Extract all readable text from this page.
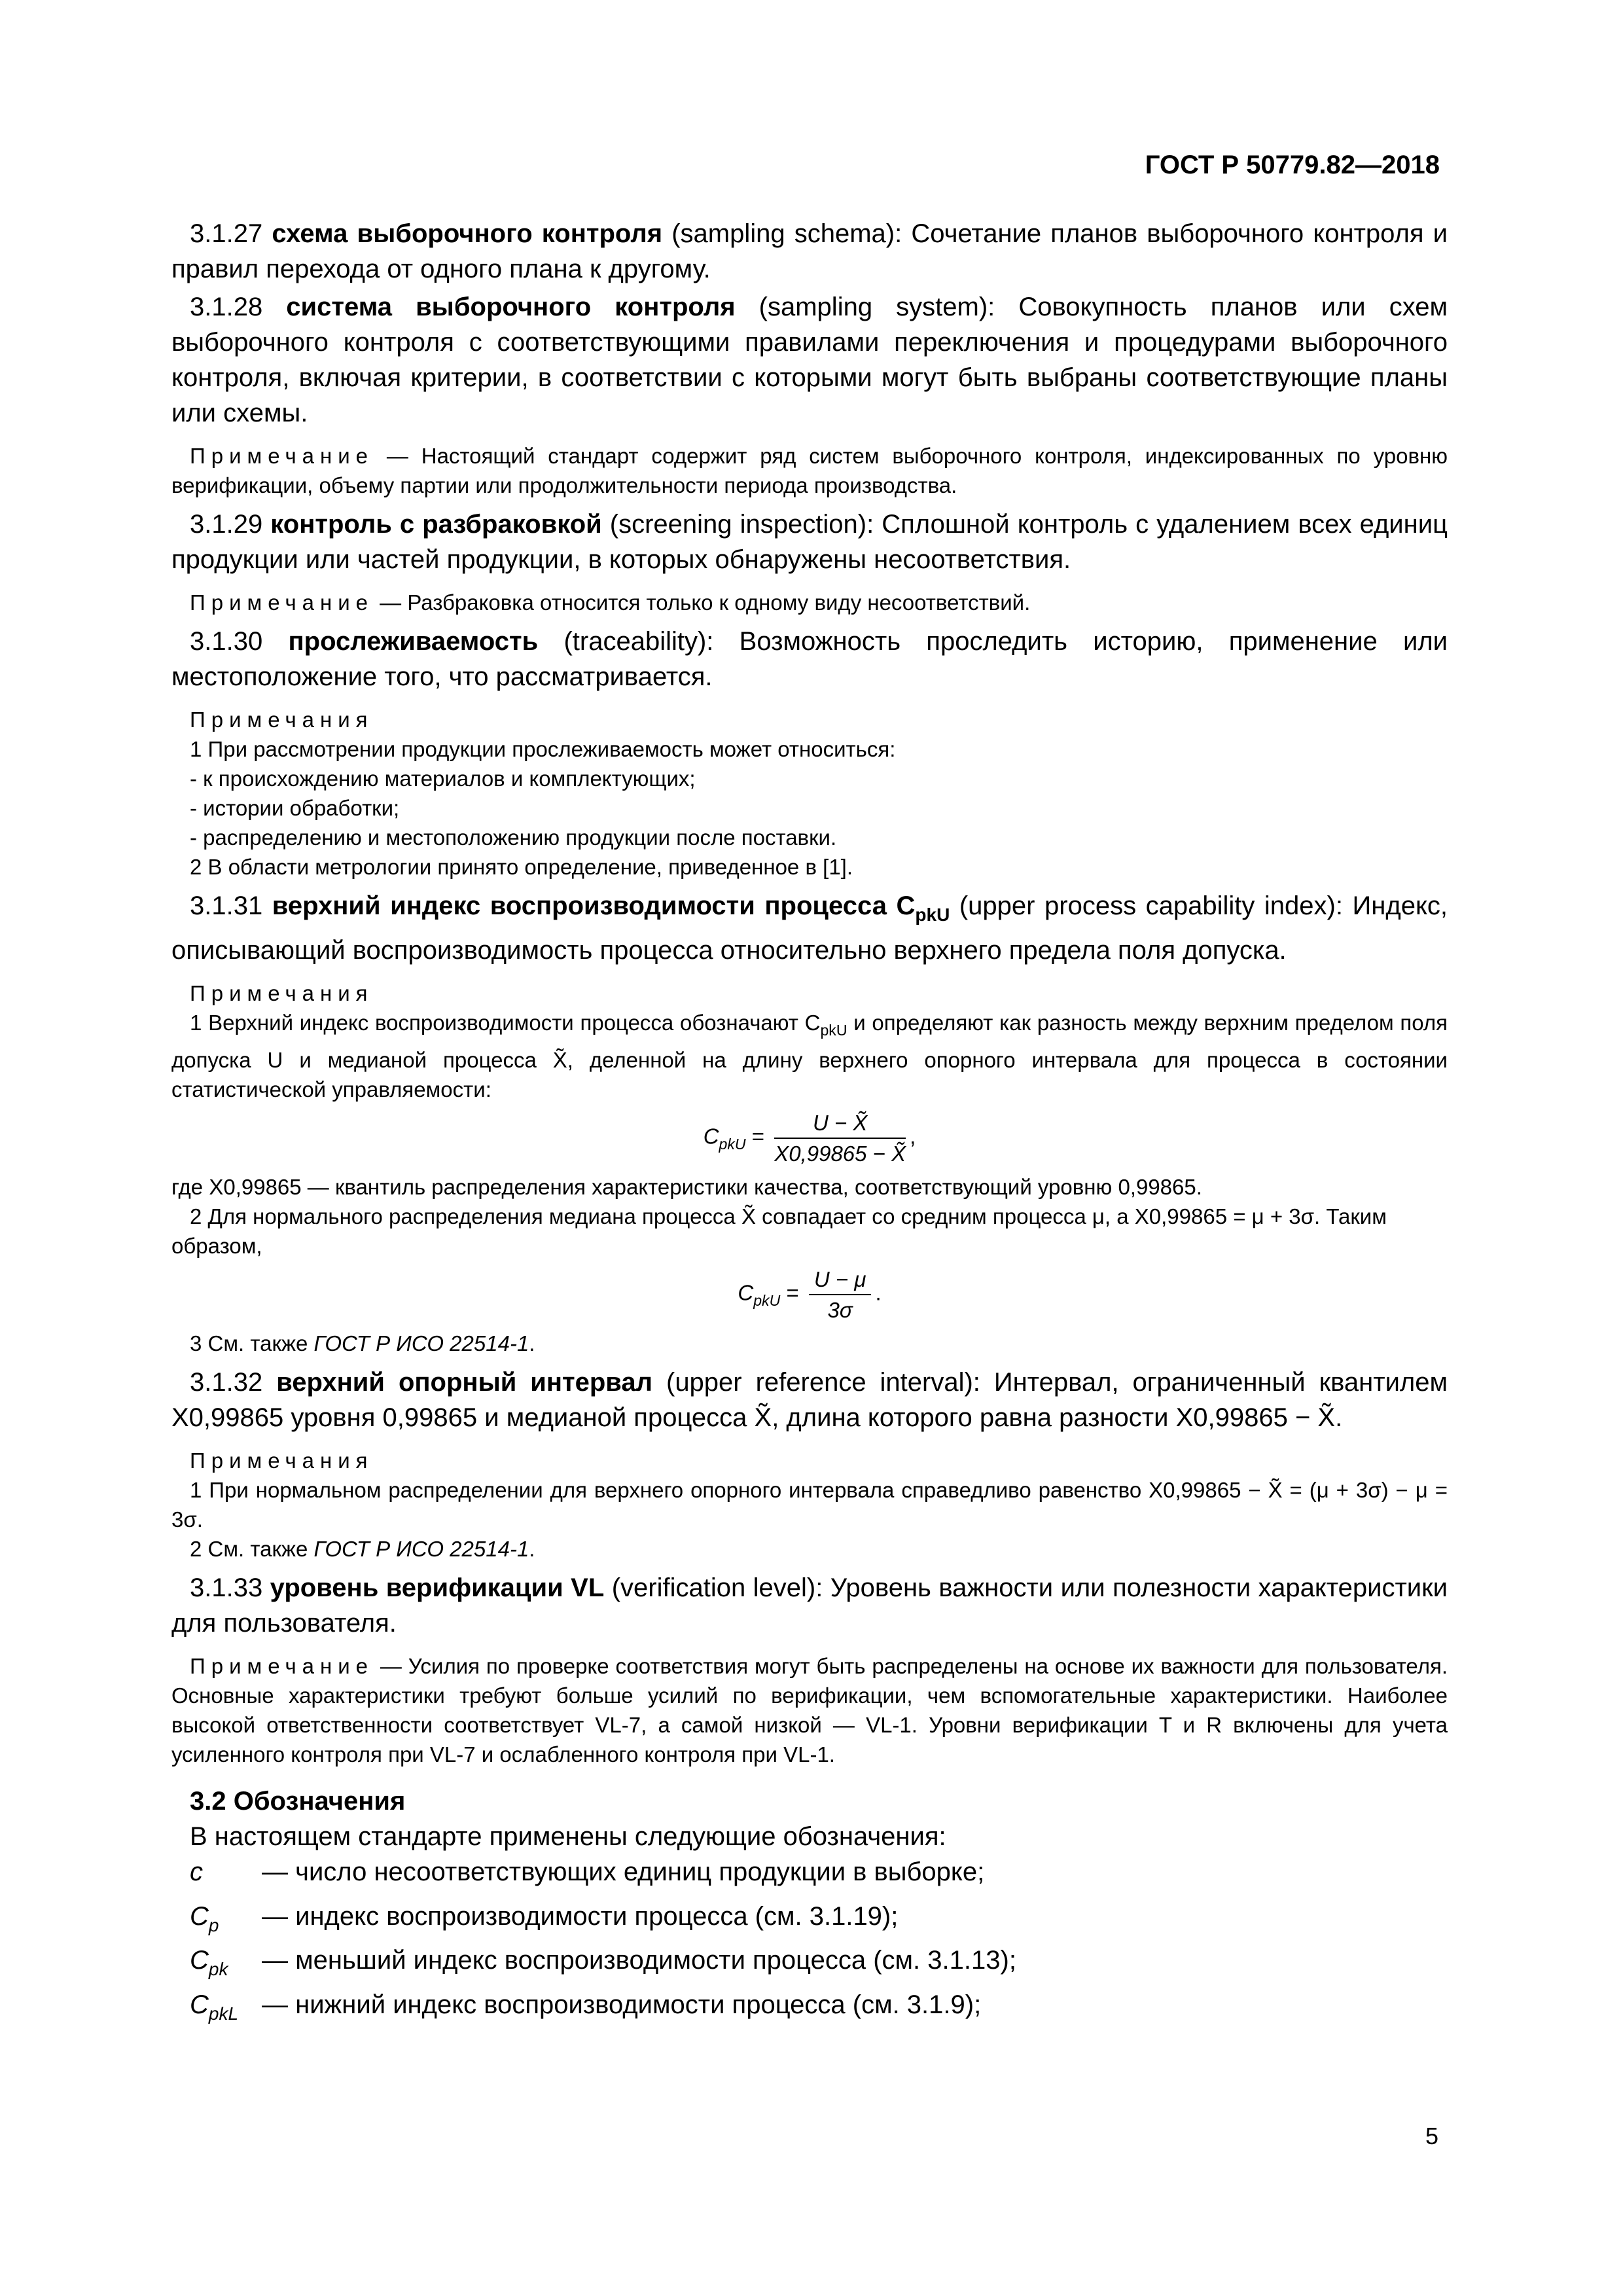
ГОСТ Р 50779.82—2018

3.1.27 схема выборочного контроля (sampling schema): Сочетание планов выборочного контроля и правил перехода от одного плана к другому.

3.1.28 система выборочного контроля (sampling system): Совокупность планов или схем выборочного контроля с соответствующими правилами переключения и процедурами выборочного контроля, включая критерии, в соответствии с которыми могут быть выбраны соответствующие планы или схемы.

Примечание — Настоящий стандарт содержит ряд систем выборочного контроля, индексированных по уровню верификации, объему партии или продолжительности периода производства.

3.1.29 контроль с разбраковкой (screening inspection): Сплошной контроль с удалением всех единиц продукции или частей продукции, в которых обнаружены несоответствия.

Примечание — Разбраковка относится только к одному виду несоответствий.

3.1.30 прослеживаемость (traceability): Возможность проследить историю, применение или местоположение того, что рассматривается.

Примечания

1 При рассмотрении продукции прослеживаемость может относиться:

- к происхождению материалов и комплектующих;

- истории обработки;

- распределению и местоположению продукции после поставки.

2 В области метрологии принято определение, приведенное в [1].

3.1.31 верхний индекс воспроизводимости процесса $C_{pkU}$ (upper process capability index): Индекс, описывающий воспроизводимость процесса относительно верхнего предела поля допуска.

Примечания

1 Верхний индекс воспроизводимости процесса обозначают $C_{pkU}$ и определяют как разность между верхним пределом поля допуска U и медианой процесса X̃, деленной на длину верхнего опорного интервала для процесса в состоянии статистической управляемости:

$C_{pkU} = \frac{U - X̃}{X0,99865 - X̃}$ ,

где X0,99865 — квантиль распределения характеристики качества, соответствующий уровню 0,99865.

2 Для нормального распределения медиана процесса X̃ совпадает со средним процесса μ, а X0,99865 = μ + 3σ. Таким образом,

$C_{pkU} = \frac{U - \mu}{3\sigma}$ .

3 См. также ГОСТ Р ИСО 22514-1.

3.1.32 верхний опорный интервал (upper reference interval): Интервал, ограниченный квантилем X0,99865 уровня 0,99865 и медианой процесса X̃, длина которого равна разности X0,99865 − X̃.

Примечания

1 При нормальном распределении для верхнего опорного интервала справедливо равенство X0,99865 − X̃ = (μ + 3σ) − μ = 3σ.

2 См. также ГОСТ Р ИСО 22514-1.

3.1.33 уровень верификации VL (verification level): Уровень важности или полезности характеристики для пользователя.

Примечание — Усилия по проверке соответствия могут быть распределены на основе их важности для пользователя. Основные характеристики требуют больше усилий по верификации, чем вспомогательные характеристики. Наиболее высокой ответственности соответствует VL-7, а самой низкой — VL-1. Уровни верификации T и R включены для учета усиленного контроля при VL-7 и ослабленного контроля при VL-1.

3.2 Обозначения

В настоящем стандарте применены следующие обозначения:

c	— число несоответствующих единиц продукции в выборке;
$C_p$	— индекс воспроизводимости процесса (см. 3.1.19);
$C_{pk}$	— меньший индекс воспроизводимости процесса (см. 3.1.13);
$C_{pkL}$ — нижний индекс воспроизводимости процесса (см. 3.1.9);
5
